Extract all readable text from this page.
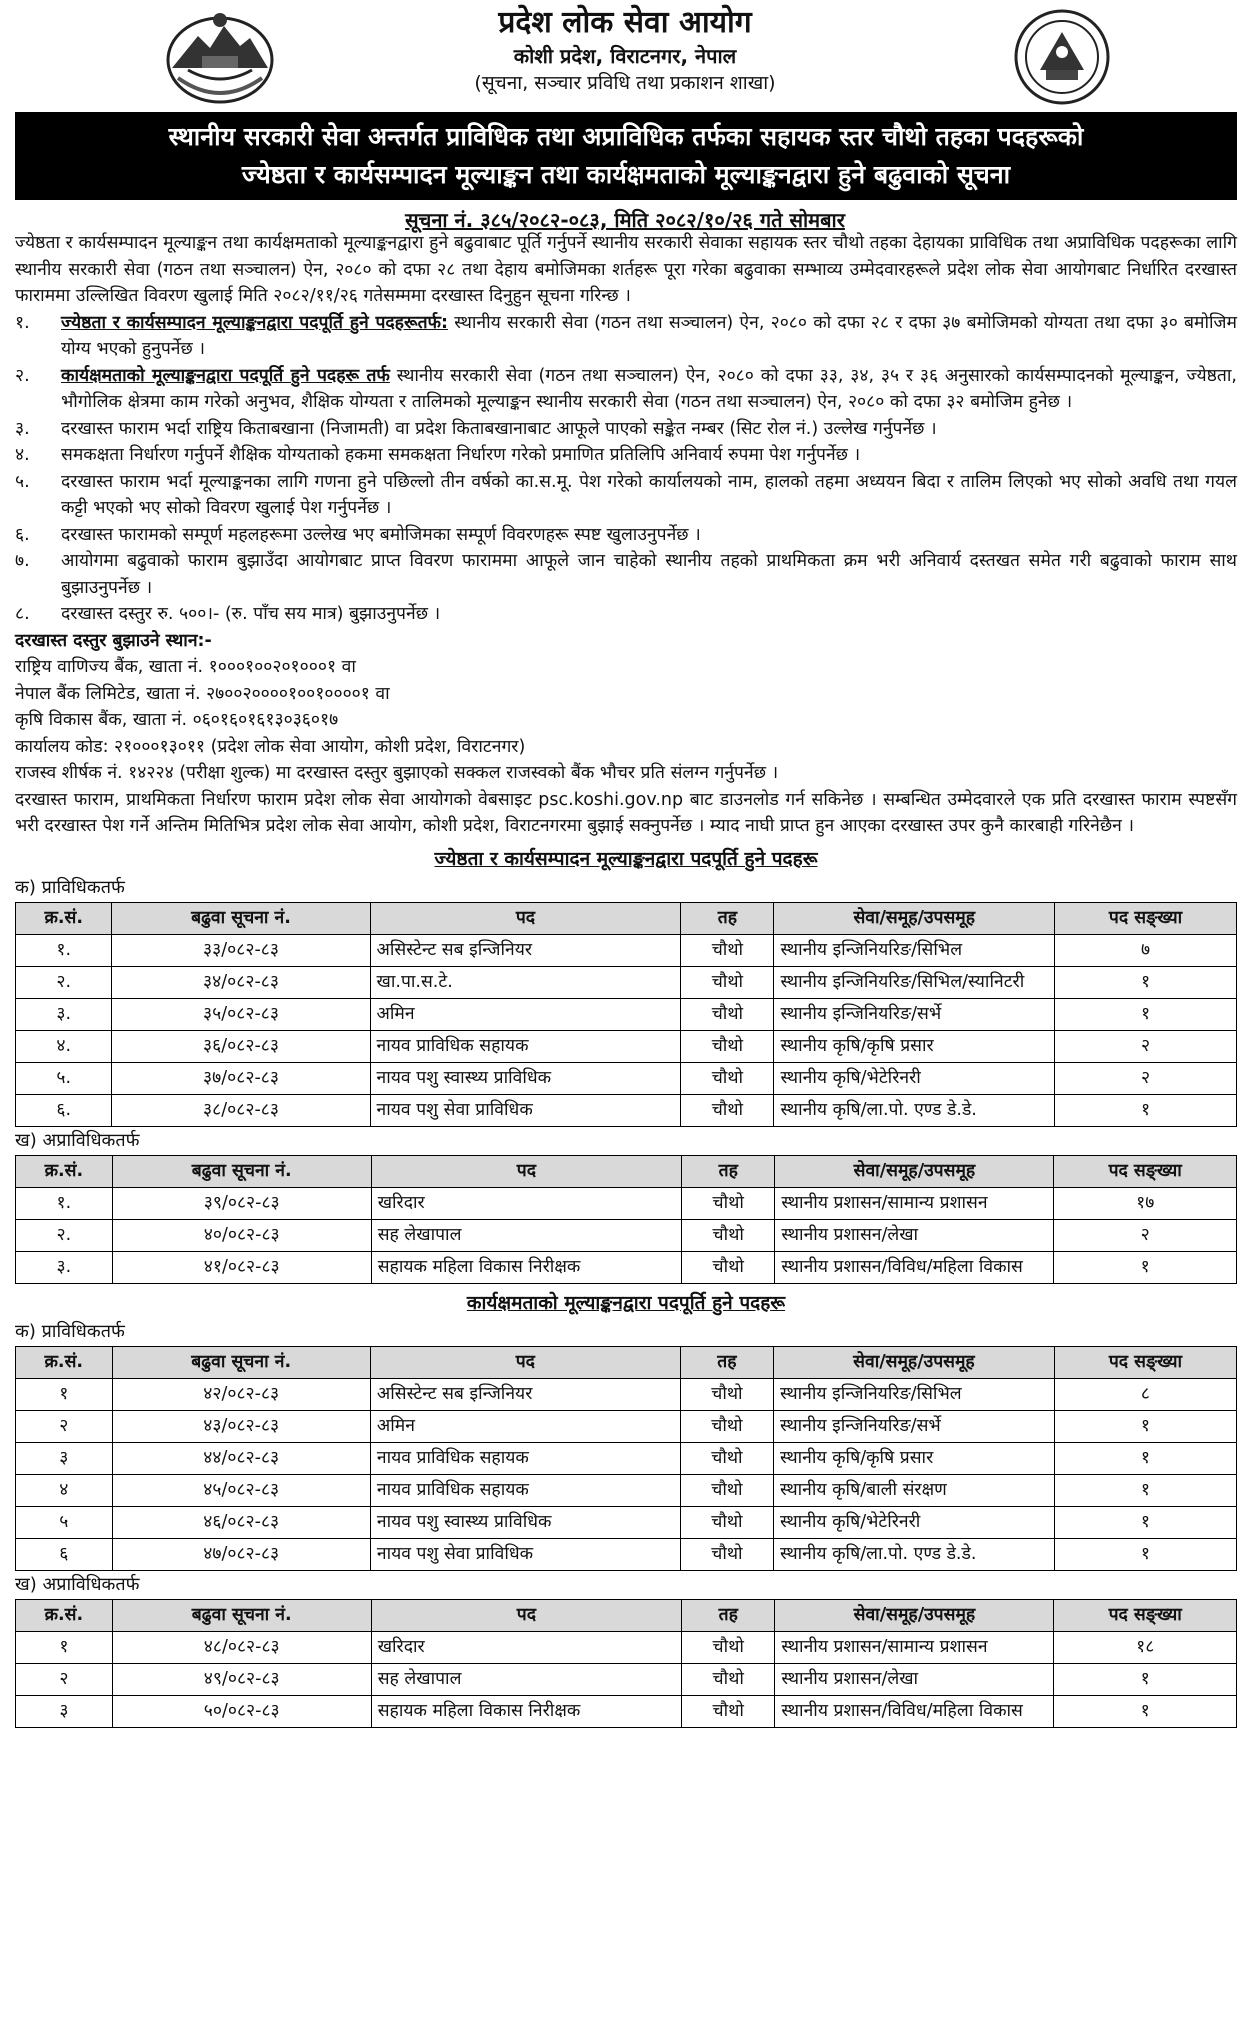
प्रदेश लोक सेवा आयोग
कोशी प्रदेश, विराटनगर, नेपाल
(सूचना, सञ्चार प्रविधि तथा प्रकाशन शाखा)
स्थानीय सरकारी सेवा अन्तर्गत प्राविधिक तथा अप्राविधिक तर्फका सहायक स्तर चौथो तहका पदहरूको
ज्येष्ठता र कार्यसम्पादन मूल्याङ्कन तथा कार्यक्षमताको मूल्याङ्कनद्वारा हुने बढुवाको सूचना
सूचना नं. ३८५/२०८२-०८३, मिति २०८२/१०/२६ गते सोमबार

ज्येष्ठता र कार्यसम्पादन मूल्याङ्कन तथा कार्यक्षमताको मूल्याङ्कनद्वारा हुने बढुवाबाट पूर्ति गर्नुपर्ने स्थानीय सरकारी सेवाका सहायक स्तर चौथो तहका देहायका प्राविधिक तथा अप्राविधिक पदहरूका लागि स्थानीय सरकारी सेवा (गठन तथा सञ्चालन) ऐन, २०८० को दफा २८ तथा देहाय बमोजिमका शर्तहरू पूरा गरेका बढुवाका सम्भाव्य उम्मेदवारहरूले प्रदेश लोक सेवा आयोगबाट निर्धारित दरखास्त फाराममा उल्लिखित विवरण खुलाई मिति २०८२/११/२६ गतेसम्ममा दरखास्त दिनुहुन सूचना गरिन्छ ।

१.	ज्येष्ठता र कार्यसम्पादन मूल्याङ्कनद्वारा पदपूर्ति हुने पदहरूतर्फ: स्थानीय सरकारी सेवा (गठन तथा सञ्चालन) ऐन, २०८० को दफा २८ र दफा ३७ बमोजिमको योग्यता तथा दफा ३० बमोजिम योग्य भएको हुनुपर्नेछ ।
२.	कार्यक्षमताको मूल्याङ्कनद्वारा पदपूर्ति हुने पदहरू तर्फ स्थानीय सरकारी सेवा (गठन तथा सञ्चालन) ऐन, २०८० को दफा ३३, ३४, ३५ र ३६ अनुसारको कार्यसम्पादनको मूल्याङ्कन, ज्येष्ठता, भौगोलिक क्षेत्रमा काम गरेको अनुभव, शैक्षिक योग्यता र तालिमको मूल्याङ्कन स्थानीय सरकारी सेवा (गठन तथा सञ्चालन) ऐन, २०८० को दफा ३२ बमोजिम हुनेछ ।
३.	दरखास्त फाराम भर्दा राष्ट्रिय किताबखाना (निजामती) वा प्रदेश किताबखानाबाट आफूले पाएको सङ्केत नम्बर (सिट रोल नं.) उल्लेख गर्नुपर्नेछ ।
४.	समकक्षता निर्धारण गर्नुपर्ने शैक्षिक योग्यताको हकमा समकक्षता निर्धारण गरेको प्रमाणित प्रतिलिपि अनिवार्य रुपमा पेश गर्नुपर्नेछ ।
५.	दरखास्त फाराम भर्दा मूल्याङ्कनका लागि गणना हुने पछिल्लो तीन वर्षको का.स.मू. पेश गरेको कार्यालयको नाम, हालको तहमा अध्ययन बिदा र तालिम लिएको भए सोको अवधि तथा गयल कट्टी भएको भए सोको विवरण खुलाई पेश गर्नुपर्नेछ ।
६.	दरखास्त फारामको सम्पूर्ण महलहरूमा उल्लेख भए बमोजिमका सम्पूर्ण विवरणहरू स्पष्ट खुलाउनुपर्नेछ ।
७.	आयोगमा बढुवाको फाराम बुझाउँदा आयोगबाट प्राप्त विवरण फाराममा आफूले जान चाहेको स्थानीय तहको प्राथमिकता क्रम भरी अनिवार्य दस्तखत समेत गरी बढुवाको फाराम साथ बुझाउनुपर्नेछ ।
८.	दरखास्त दस्तुर रु. ५००।- (रु. पाँच सय मात्र) बुझाउनुपर्नेछ ।
दरखास्त दस्तुर बुझाउने स्थान:-
राष्ट्रिय वाणिज्य बैंक, खाता नं. १०००१००२०१०००१ वा
नेपाल बैंक लिमिटेड, खाता नं. २७००२००००१००१००००१ वा
कृषि विकास बैंक, खाता नं. ०६०१६०१६१३०३६०१७
कार्यालय कोड: २१०००१३०११ (प्रदेश लोक सेवा आयोग, कोशी प्रदेश, विराटनगर)
राजस्व शीर्षक नं. १४२२४ (परीक्षा शुल्क) मा दरखास्त दस्तुर बुझाएको सक्कल राजस्वको बैंक भौचर प्रति संलग्न गर्नुपर्नेछ ।

दरखास्त फाराम, प्राथमिकता निर्धारण फाराम प्रदेश लोक सेवा आयोगको वेबसाइट psc.koshi.gov.np बाट डाउनलोड गर्न सकिनेछ । सम्बन्धित उम्मेदवारले एक प्रति दरखास्त फाराम स्पष्टसँग भरी दरखास्त पेश गर्ने अन्तिम मितिभित्र प्रदेश लोक सेवा आयोग, कोशी प्रदेश, विराटनगरमा बुझाई सक्नुपर्नेछ । म्याद नाघी प्राप्त हुन आएका दरखास्त उपर कुनै कारबाही गरिनेछैन ।

ज्येष्ठता र कार्यसम्पादन मूल्याङ्कनद्वारा पदपूर्ति हुने पदहरू
क) प्राविधिकतर्फ
क्र.सं.	बढुवा सूचना नं.	पद	तह	सेवा/समूह/उपसमूह	पद सङ्ख्या
१.	३३/०८२-८३	असिस्टेन्ट सब इन्जिनियर	चौथो	स्थानीय इन्जिनियरिङ/सिभिल	७
२.	३४/०८२-८३	खा.पा.स.टे.	चौथो	स्थानीय इन्जिनियरिङ/सिभिल/स्यानिटरी	१
३.	३५/०८२-८३	अमिन	चौथो	स्थानीय इन्जिनियरिङ/सर्भे	१
४.	३६/०८२-८३	नायव प्राविधिक सहायक	चौथो	स्थानीय कृषि/कृषि प्रसार	२
५.	३७/०८२-८३	नायव पशु स्वास्थ्य प्राविधिक	चौथो	स्थानीय कृषि/भेटेरिनरी	२
६.	३८/०८२-८३	नायव पशु सेवा प्राविधिक	चौथो	स्थानीय कृषि/ला.पो. एण्ड डे.डे.	१
ख) अप्राविधिकतर्फ
क्र.सं.	बढुवा सूचना नं.	पद	तह	सेवा/समूह/उपसमूह	पद सङ्ख्या
१.	३९/०८२-८३	खरिदार	चौथो	स्थानीय प्रशासन/सामान्य प्रशासन	१७
२.	४०/०८२-८३	सह लेखापाल	चौथो	स्थानीय प्रशासन/लेखा	२
३.	४१/०८२-८३	सहायक महिला विकास निरीक्षक	चौथो	स्थानीय प्रशासन/विविध/महिला विकास	१
कार्यक्षमताको मूल्याङ्कनद्वारा पदपूर्ति हुने पदहरू
क) प्राविधिकतर्फ
क्र.सं.	बढुवा सूचना नं.	पद	तह	सेवा/समूह/उपसमूह	पद सङ्ख्या
१	४२/०८२-८३	असिस्टेन्ट सब इन्जिनियर	चौथो	स्थानीय इन्जिनियरिङ/सिभिल	८
२	४३/०८२-८३	अमिन	चौथो	स्थानीय इन्जिनियरिङ/सर्भे	१
३	४४/०८२-८३	नायव प्राविधिक सहायक	चौथो	स्थानीय कृषि/कृषि प्रसार	१
४	४५/०८२-८३	नायव प्राविधिक सहायक	चौथो	स्थानीय कृषि/बाली संरक्षण	१
५	४६/०८२-८३	नायव पशु स्वास्थ्य प्राविधिक	चौथो	स्थानीय कृषि/भेटेरिनरी	१
६	४७/०८२-८३	नायव पशु सेवा प्राविधिक	चौथो	स्थानीय कृषि/ला.पो. एण्ड डे.डे.	१
ख) अप्राविधिकतर्फ
क्र.सं.	बढुवा सूचना नं.	पद	तह	सेवा/समूह/उपसमूह	पद सङ्ख्या
१	४८/०८२-८३	खरिदार	चौथो	स्थानीय प्रशासन/सामान्य प्रशासन	१८
२	४९/०८२-८३	सह लेखापाल	चौथो	स्थानीय प्रशासन/लेखा	१
३	५०/०८२-८३	सहायक महिला विकास निरीक्षक	चौथो	स्थानीय प्रशासन/विविध/महिला विकास	१
